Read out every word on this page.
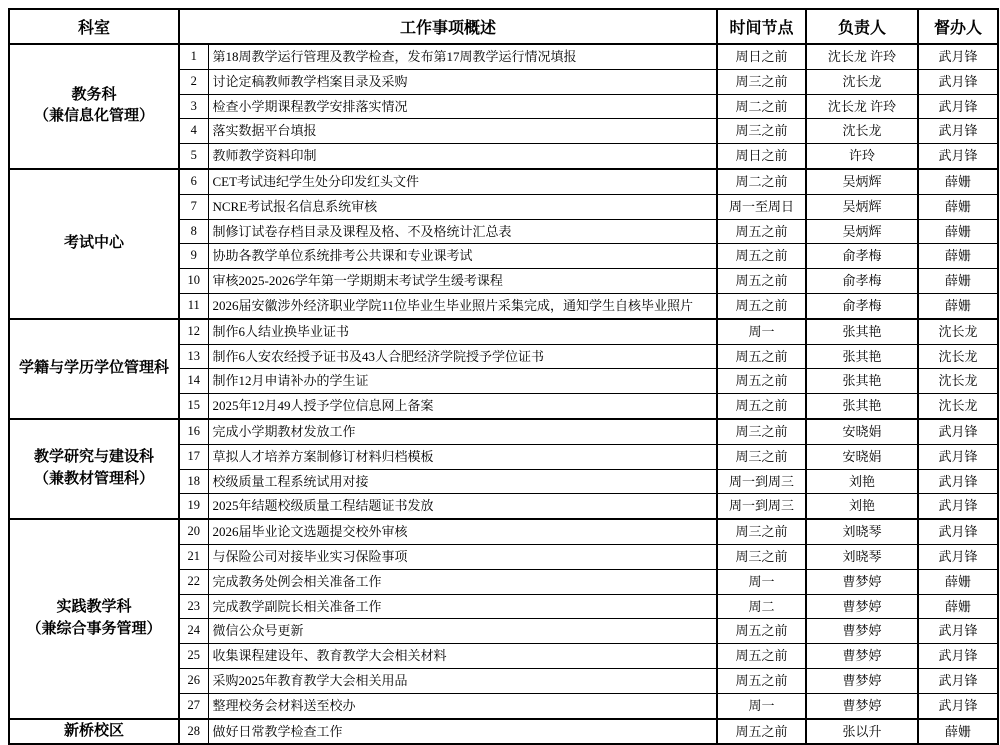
科室	工作事项概述		时间节点	负责人	督办人

教务科
（兼信息化管理）	1	第18周教学运行管理及教学检查，发布第17周教学运行情况填报	周日之前	沈长龙 许玲	武月锋
	2	讨论定稿教师教学档案目录及采购	周三之前	沈长龙	武月锋
	3	检查小学期课程教学安排落实情况	周二之前	沈长龙 许玲	武月锋
	4	落实数据平台填报	周三之前	沈长龙	武月锋
	5	教师教学资料印制	周日之前	许玲	武月锋

考试中心	6	CET考试违纪学生处分印发红头文件	周二之前	吴炳辉	薛姗
	7	NCRE考试报名信息系统审核	周一至周日	吴炳辉	薛姗
	8	制修订试卷存档目录及课程及格、不及格统计汇总表	周五之前	吴炳辉	薛姗
	9	协助各教学单位系统排考公共课和专业课考试	周五之前	俞孝梅	薛姗
	10	审核2025-2026学年第一学期期末考试学生缓考课程	周五之前	俞孝梅	薛姗
	11	2026届安徽涉外经济职业学院11位毕业生毕业照片采集完成，通知学生自核毕业照片	周五之前	俞孝梅	薛姗

学籍与学历学位管理科	12	制作6人结业换毕业证书	周一	张其艳	沈长龙
	13	制作6人安农经授予证书及43人合肥经济学院授予学位证书	周五之前	张其艳	沈长龙
	14	制作12月申请补办的学生证	周五之前	张其艳	沈长龙
	15	2025年12月49人授予学位信息网上备案	周五之前	张其艳	沈长龙

教学研究与建设科
（兼教材管理科）	16	完成小学期教材发放工作	周三之前	安晓娟	武月锋
	17	草拟人才培养方案制修订材料归档模板	周三之前	安晓娟	武月锋
	18	校级质量工程系统试用对接	周一到周三	刘艳	武月锋
	19	2025年结题校级质量工程结题证书发放	周一到周三	刘艳	武月锋

实践教学科
（兼综合事务管理）	20	2026届毕业论文选题提交校外审核	周三之前	刘晓琴	武月锋
	21	与保险公司对接毕业实习保险事项	周三之前	刘晓琴	武月锋
	22	完成教务处例会相关准备工作	周一	曹梦婷	薛姗
	23	完成教学副院长相关准备工作	周二	曹梦婷	薛姗
	24	微信公众号更新	周五之前	曹梦婷	武月锋
	25	收集课程建设年、教育教学大会相关材料	周五之前	曹梦婷	武月锋
	26	采购2025年教育教学大会相关用品	周五之前	曹梦婷	武月锋
	27	整理校务会材料送至校办	周一	曹梦婷	武月锋

新桥校区	28	做好日常教学检查工作	周五之前	张以升	薛姗
